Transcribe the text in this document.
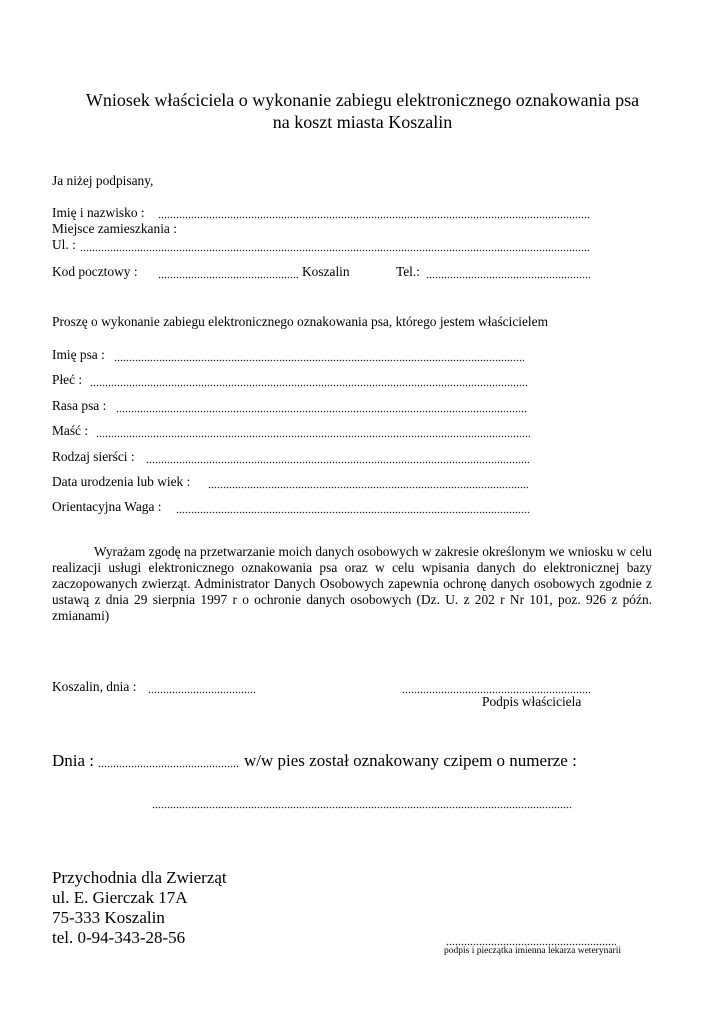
Wniosek właściciela o wykonanie zabiegu elektronicznego oznakowania psa
na koszt miasta Koszalin
Ja niżej podpisany,
Imię i nazwisko :
Miejsce zamieszkania :
Ul. :
Kod pocztowy :	Koszalin	Tel.:
Proszę o wykonanie zabiegu elektronicznego oznakowania psa, którego jestem właścicielem
Imię psa :
Płeć :
Rasa psa :
Maść :
Rodzaj sierści :
Data urodzenia lub wiek :
Orientacyjna Waga :
Wyrażam zgodę na przetwarzanie moich danych osobowych w zakresie określonym we wniosku w celu realizacji usługi elektronicznego oznakowania psa oraz w celu wpisania danych do elektronicznej bazy zaczopowanych zwierząt. Administrator Danych Osobowych zapewnia ochronę danych osobowych zgodnie z ustawą z dnia 29 sierpnia 1997 r o ochronie danych osobowych (Dz. U. z 202 r Nr 101, poz. 926 z późn. zmianami)
Koszalin, dnia :
Podpis właściciela
Dnia :	w/w pies został oznakowany czipem o numerze :
Przychodnia dla Zwierząt
ul. E. Gierczak 17A
75-333 Koszalin
tel. 0-94-343-28-56
podpis i pieczątka imienna lekarza weterynarii
